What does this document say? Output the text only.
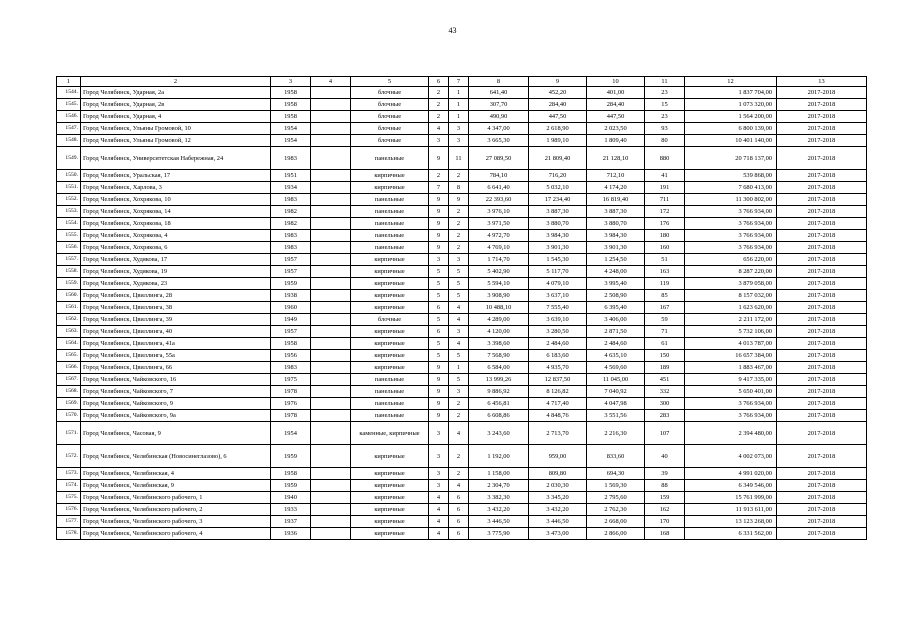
43
1	2	3	4	5	6	7	8	9	10	11	12	13
1544.	Город Челябинск, Ударная, 2а	1958		блочные	2	1	641,40	452,20	401,00	23	1 837 704,00	2017-2018
1545.	Город Челябинск, Ударная, 2в	1958		блочные	2	1	307,70	284,40	284,40	15	1 073 320,00	2017-2018
1546.	Город Челябинск, Ударная, 4	1958		блочные	2	1	490,90	447,50	447,50	23	1 564 200,00	2017-2018
1547.	Город Челябинск, Ульяны Громовой, 10	1954		блочные	4	3	4 347,00	2 618,90	2 023,50	93	6 800 139,00	2017-2018
1548.	Город Челябинск, Ульяны Громовой, 12	1954		блочные	3	3	3 665,30	1 989,10	1 809,40	80	10 401 140,00	2017-2018
1549.	Город Челябинск, Университетская Набережная, 24	1983		панельные	9	11	27 089,50	21 809,40	21 128,10	880	20 718 137,00	2017-2018
1550.	Город Челябинск, Уральская, 17	1951		кирпичные	2	2	784,10	716,20	712,10	41	539 868,00	2017-2018
1551.	Город Челябинск, Харлова, 3	1934		кирпичные	7	8	6 641,40	5 032,10	4 174,20	191	7 680 413,00	2017-2018
1552.	Город Челябинск, Хохрякова, 10	1983		панельные	9	9	22 393,60	17 234,40	16 819,40	711	11 300 802,00	2017-2018
1553.	Город Челябинск, Хохрякова, 14	1982		панельные	9	2	3 976,10	3 887,30	3 887,30	172	3 766 934,00	2017-2018
1554.	Город Челябинск, Хохрякова, 18	1982		панельные	9	2	3 971,50	3 880,70	3 880,70	176	3 766 934,00	2017-2018
1555.	Город Челябинск, Хохрякова, 4	1983		панельные	9	2	4 972,70	3 984,30	3 984,30	180	3 766 934,00	2017-2018
1556.	Город Челябинск, Хохрякова, 6	1983		панельные	9	2	4 769,10	3 901,30	3 901,30	160	3 766 934,00	2017-2018
1557.	Город Челябинск, Худякова, 17	1957		кирпичные	3	3	1 714,70	1 545,30	1 254,50	51	656 220,00	2017-2018
1558.	Город Челябинск, Худякова, 19	1957		кирпичные	5	5	5 402,90	5 117,70	4 248,00	163	8 287 220,00	2017-2018
1559.	Город Челябинск, Худякова, 23	1959		кирпичные	5	5	5 594,10	4 079,10	3 995,40	119	3 879 058,00	2017-2018
1560.	Город Челябинск, Цвиллинга, 28	1938		кирпичные	5	5	3 908,90	3 637,10	2 508,90	85	8 157 032,00	2017-2018
1561.	Город Челябинск, Цвиллинга, 38	1960		кирпичные	6	4	10 488,10	7 555,40	6 395,40	167	1 623 620,00	2017-2018
1562.	Город Челябинск, Цвиллинга, 39	1949		блочные	5	4	4 289,00	3 639,10	3 406,00	59	2 211 172,00	2017-2018
1563.	Город Челябинск, Цвиллинга, 40	1957		кирпичные	6	3	4 120,00	3 280,50	2 871,50	71	5 732 106,00	2017-2018
1564.	Город Челябинск, Цвиллинга, 41а	1958		кирпичные	5	4	3 398,60	2 484,60	2 484,60	61	4 013 787,00	2017-2018
1565.	Город Челябинск, Цвиллинга, 55а	1956		кирпичные	5	5	7 568,90	6 183,60	4 635,10	150	16 657 384,00	2017-2018
1566.	Город Челябинск, Цвиллинга, 66	1983		кирпичные	9	1	6 584,00	4 935,70	4 569,60	189	1 883 467,00	2017-2018
1567.	Город Челябинск, Чайковского, 16	1975		панельные	9	5	13 999,26	12 837,50	11 045,00	451	9 417 335,00	2017-2018
1568.	Город Челябинск, Чайковского, 7	1978		панельные	9	3	9 886,92	8 126,82	7 040,92	332	5 650 401,00	2017-2018
1569.	Город Челябинск, Чайковского, 9	1976		панельные	9	2	6 456,81	4 717,40	4 047,98	300	3 766 934,00	2017-2018
1570.	Город Челябинск, Чайковского, 9а	1978		панельные	9	2	6 608,86	4 848,76	3 551,56	283	3 766 934,00	2017-2018
1571.	Город Челябинск, Часовая, 9	1954		каменные, кирпичные	3	4	3 243,60	2 713,70	2 216,30	107	2 394 480,00	2017-2018
1572.	Город Челябинск, Челябинская (Новосинеглазово), 6	1959		кирпичные	3	2	1 192,00	959,00	833,60	40	4 002 073,00	2017-2018
1573.	Город Челябинск, Челябинская, 4	1958		кирпичные	3	2	1 158,00	809,80	694,30	39	4 991 020,00	2017-2018
1574.	Город Челябинск, Челябинская, 9	1959		кирпичные	3	4	2 304,70	2 030,30	1 569,30	88	6 349 546,00	2017-2018
1575.	Город Челябинск, Челябинского рабочего, 1	1940		кирпичные	4	6	3 382,30	3 345,20	2 795,60	159	15 761 999,00	2017-2018
1576.	Город Челябинск, Челябинского рабочего, 2	1933		кирпичные	4	6	3 432,20	3 432,20	2 762,30	162	11 913 611,00	2017-2018
1577.	Город Челябинск, Челябинского рабочего, 3	1937		кирпичные	4	6	3 446,50	3 446,50	2 668,00	170	13 123 268,00	2017-2018
1578.	Город Челябинск, Челябинского рабочего, 4	1936		кирпичные	4	6	3 775,90	3 473,00	2 866,00	168	6 331 562,00	2017-2018
